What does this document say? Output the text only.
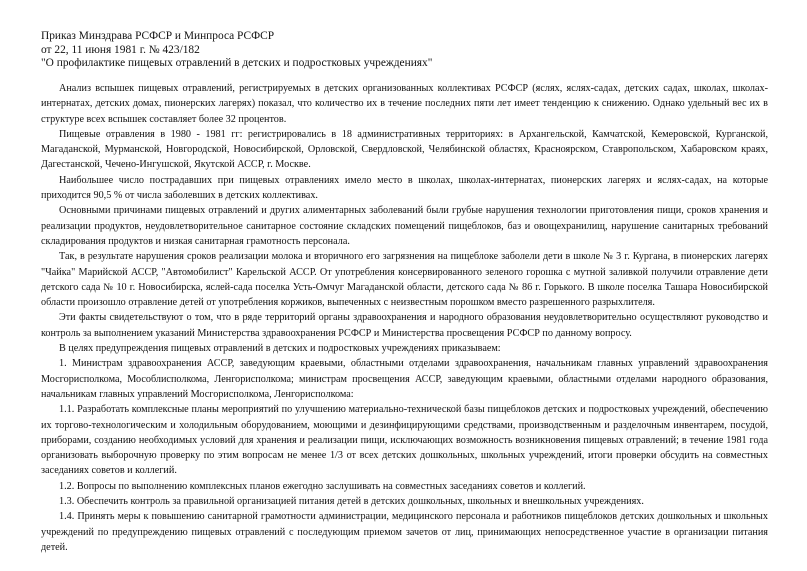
Приказ Минздрава РСФСР и Минпроса РСФСР
от 22, 11 июня 1981 г. № 423/182
"О профилактике пищевых отравлений в детских и подростковых учреждениях"

Анализ вспышек пищевых отравлений, регистрируемых в детских организованных коллективах РСФСР (яслях, яслях-садах, детских садах, школах, школах-интернатах, детских домах, пионерских лагерях) показал, что количество их в течение последних пяти лет имеет тенденцию к снижению. Однако удельный вес их в структуре всех вспышек составляет более 32 процентов.

Пищевые отравления в 1980 - 1981 гг: регистрировались в 18 административных территориях: в Архангельской, Камчатской, Кемеровской, Курганской, Магаданской, Мурманской, Новгородской, Новосибирской, Орловской, Свердловской, Челябинской областях, Красноярском, Ставропольском, Хабаровском краях, Дагестанской, Чечено-Ингушской, Якутской АССР, г. Москве.

Наибольшее число пострадавших при пищевых отравлениях имело место в школах, школах-интернатах, пионерских лагерях и яслях-садах, на которые приходится 90,5 % от числа заболевших в детских коллективах.

Основными причинами пищевых отравлений и других алиментарных заболеваний были грубые нарушения технологии приготовления пищи, сроков хранения и реализации продуктов, неудовлетворительное санитарное состояние складских помещений пищеблоков, баз и овощехранилищ, нарушение санитарных требований складирования продуктов и низкая санитарная грамотность персонала.

Так, в результате нарушения сроков реализации молока и вторичного его загрязнения на пищеблоке заболели дети в школе № 3 г. Кургана, в пионерских лагерях "Чайка" Марийской АССР, "Автомобилист" Карельской АССР. От употребления консервированного зеленого горошка с мутной заливкой получили отравление дети детского сада № 10 г. Новосибирска, яслей-сада поселка Усть-Омчуг Магаданской области, детского сада № 86 г. Горького. В школе поселка Ташара Новосибирской области произошло отравление детей от употребления коржиков, выпеченных с неизвестным порошком вместо разрешенного разрыхлителя.

Эти факты свидетельствуют о том, что в ряде территорий органы здравоохранения и народного образования неудовлетворительно осуществляют руководство и контроль за выполнением указаний Министерства здравоохранения РСФСР и Министерства просвещения РСФСР по данному вопросу.

В целях предупреждения пищевых отравлений в детских и подростковых учреждениях приказываем:

1. Министрам здравоохранения АССР, заведующим краевыми, областными отделами здравоохранения, начальникам главных управлений здравоохранения Мосгорисполкома, Мособлисполкома, Ленгорисполкома; министрам просвещения АССР, заведующим краевыми, областными отделами народного образования, начальникам главных управлений Мосгорисполкома, Ленгорисполкома:

1.1. Разработать комплексные планы мероприятий по улучшению материально-технической базы пищеблоков детских и подростковых учреждений, обеспечению их торгово-технологическим и холодильным оборудованием, моющими и дезинфицирующими средствами, производственным и разделочным инвентарем, посудой, приборами, созданию необходимых условий для хранения и реализации пищи, исключающих возможность возникновения пищевых отравлений; в течение 1981 года организовать выборочную проверку по этим вопросам не менее 1/3 от всех детских дошкольных, школьных учреждений, итоги проверки обсудить на совместных заседаниях советов и коллегий.

1.2. Вопросы по выполнению комплексных планов ежегодно заслушивать на совместных заседаниях советов и коллегий.

1.3. Обеспечить контроль за правильной организацией питания детей в детских дошкольных, школьных и внешкольных учреждениях.

1.4. Принять меры к повышению санитарной грамотности администрации, медицинского персонала и работников пищеблоков детских дошкольных и школьных учреждений по предупреждению пищевых отравлений с последующим приемом зачетов от лиц, принимающих непосредственное участие в организации питания детей.
